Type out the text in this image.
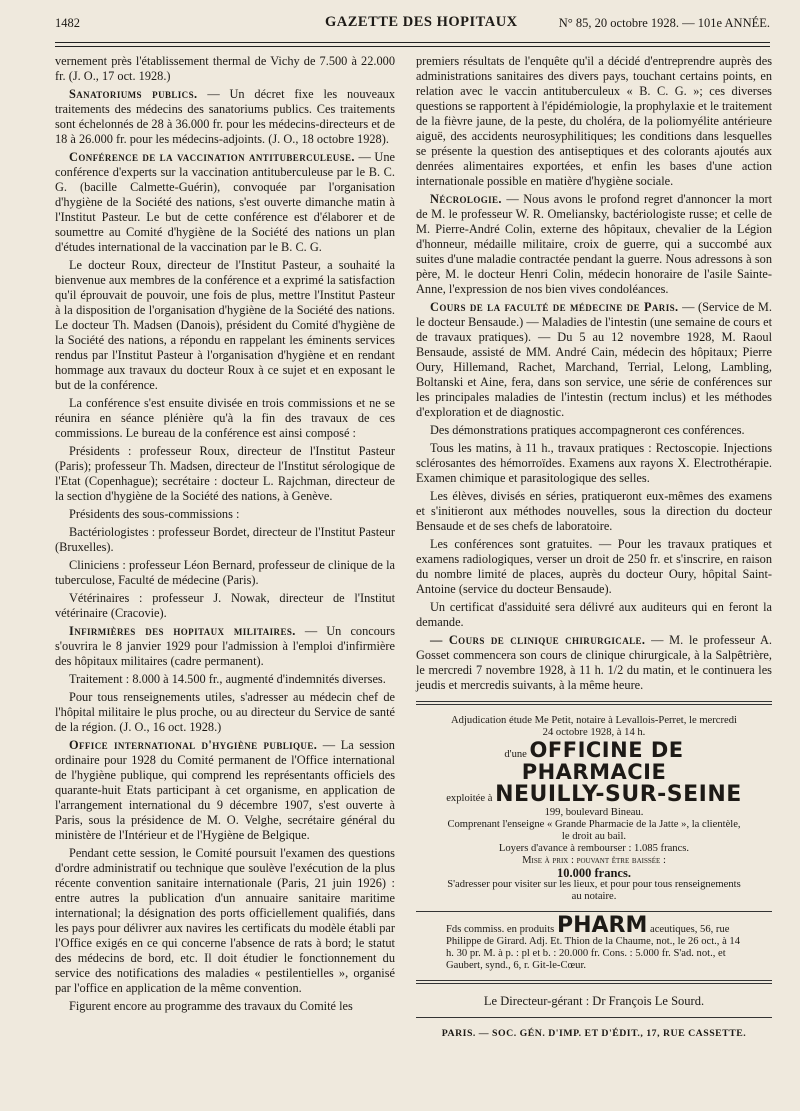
1482	GAZETTE DES HOPITAUX	N° 85, 20 octobre 1928. — 101e ANNÉE.

vernement près l'établissement thermal de Vichy de 7.500 à 22.000 fr. (J. O., 17 oct. 1928.)

Sanatoriums publics. — Un décret fixe les nouveaux traitements des médecins des sanatoriums publics. Ces traitements sont échelonnés de 28 à 36.000 fr. pour les médecins-directeurs et de 18 à 26.000 fr. pour les médecins-adjoints. (J. O., 18 octobre 1928).

Conférence de la vaccination antituberculeuse. — Une conférence d'experts sur la vaccination antituberculeuse par le B. C. G. (bacille Calmette-Guérin), convoquée par l'organisation d'hygiène de la Société des nations, s'est ouverte dimanche matin à l'Institut Pasteur. Le but de cette conférence est d'élaborer et de soumettre au Comité d'hygiène de la Société des nations un plan d'études international de la vaccination par le B. C. G.

Le docteur Roux, directeur de l'Institut Pasteur, a souhaité la bienvenue aux membres de la conférence et a exprimé la satisfaction qu'il éprouvait de pouvoir, une fois de plus, mettre l'Institut Pasteur à la disposition de l'organisation d'hygiène de la Société des nations. Le docteur Th. Madsen (Danois), président du Comité d'hygiène de la Société des nations, a répondu en rappelant les éminents services rendus par l'Institut Pasteur à l'organisation d'hygiène et en rendant hommage aux travaux du docteur Roux à ce sujet et en exposant le but de la conférence.

La conférence s'est ensuite divisée en trois commissions et ne se réunira en séance plénière qu'à la fin des travaux de ces commissions. Le bureau de la conférence est ainsi composé :

Présidents : professeur Roux, directeur de l'Institut Pasteur (Paris); professeur Th. Madsen, directeur de l'Institut sérologique de l'Etat (Copenhague); secrétaire : docteur L. Rajchman, directeur de la section d'hygiène de la Société des nations, à Genève.

Présidents des sous-commissions :

Bactériologistes : professeur Bordet, directeur de l'Institut Pasteur (Bruxelles).

Cliniciens : professeur Léon Bernard, professeur de clinique de la tuberculose, Faculté de médecine (Paris).

Vétérinaires : professeur J. Nowak, directeur de l'Institut vétérinaire (Cracovie).

Infirmières des hopitaux militaires. — Un concours s'ouvrira le 8 janvier 1929 pour l'admission à l'emploi d'infirmière des hôpitaux militaires (cadre permanent).

Traitement : 8.000 à 14.500 fr., augmenté d'indemnités diverses.

Pour tous renseignements utiles, s'adresser au médecin chef de l'hôpital militaire le plus proche, ou au directeur du Service de santé de la région. (J. O., 16 oct. 1928.)

Office international d'hygiène publique. — La session ordinaire pour 1928 du Comité permanent de l'Office international de l'hygiène publique, qui comprend les représentants officiels des quarante-huit Etats participant à cet organisme, en application de l'arrangement international du 9 décembre 1907, s'est ouverte à Paris, sous la présidence de M. O. Velghe, secrétaire général du ministère de l'Intérieur et de l'Hygiène de Belgique.

Pendant cette session, le Comité poursuit l'examen des questions d'ordre administratif ou technique que soulève l'exécution de la plus récente convention sanitaire internationale (Paris, 21 juin 1926) : entre autres la publication d'un annuaire sanitaire maritime international; la désignation des ports officiellement qualifiés, dans les pays pour délivrer aux navires les certificats du modèle établi par l'Office exigés en ce qui concerne l'absence de rats à bord; le statut des médecins de bord, etc. Il doit étudier le fonctionnement du service des notifications des maladies « pestilentielles », organisé par l'office en application de la même convention.

Figurent encore au programme des travaux du Comité les

premiers résultats de l'enquête qu'il a décidé d'entreprendre auprès des administrations sanitaires des divers pays, touchant certains points, en relation avec le vaccin antituberculeux « B. C. G. »; ces diverses questions se rapportent à l'épidémiologie, la prophylaxie et le traitement de la fièvre jaune, de la peste, du choléra, de la poliomyélite antérieure aiguë, des accidents neurosyphilitiques; les conditions dans lesquelles se présente la question des antiseptiques et des colorants ajoutés aux denrées alimentaires exportées, et enfin les bases d'une action internationale possible en matière d'hygiène sociale.

Nécrologie. — Nous avons le profond regret d'annoncer la mort de M. le professeur W. R. Omeliansky, bactériologiste russe; et celle de M. Pierre-André Colin, externe des hôpitaux, chevalier de la Légion d'honneur, médaille militaire, croix de guerre, qui a succombé aux suites d'une maladie contractée pendant la guerre. Nous adressons à son père, M. le docteur Henri Colin, médecin honoraire de l'asile Sainte-Anne, l'expression de nos bien vives condoléances.

Cours de la faculté de médecine de Paris. — (Service de M. le docteur Bensaude.) — Maladies de l'intestin (une semaine de cours et de travaux pratiques). — Du 5 au 12 novembre 1928, M. Raoul Bensaude, assisté de MM. André Cain, médecin des hôpitaux; Pierre Oury, Hillemand, Rachet, Marchand, Terrial, Lelong, Lambling, Boltanski et Aine, fera, dans son service, une série de conférences sur les principales maladies de l'intestin (rectum inclus) et les méthodes d'exploration et de diagnostic.

Des démonstrations pratiques accompagneront ces conférences.

Tous les matins, à 11 h., travaux pratiques : Rectoscopie. Injections sclérosantes des hémorroïdes. Examens aux rayons X. Electrothérapie. Examen chimique et parasitologique des selles.

Les élèves, divisés en séries, pratiqueront eux-mêmes des examens et s'initieront aux méthodes nouvelles, sous la direction du docteur Bensaude et de ses chefs de laboratoire.

Les conférences sont gratuites. — Pour les travaux pratiques et examens radiologiques, verser un droit de 250 fr. et s'inscrire, en raison du nombre limité de places, auprès du docteur Oury, hôpital Saint-Antoine (service du docteur Bensaude).

Un certificat d'assiduité sera délivré aux auditeurs qui en feront la demande.

— Cours de clinique chirurgicale. — M. le professeur A. Gosset commencera son cours de clinique chirurgicale, à la Salpêtrière, le mercredi 7 novembre 1928, à 11 h. 1/2 du matin, et le continuera les jeudis et mercredis suivants, à la même heure.

Adjudication étude Me Petit, notaire à Levallois-Perret, le mercredi 24 octobre 1928, à 14 h.
d'une OFFICINE DE PHARMACIE
exploitée à NEUILLY-SUR-SEINE
199, boulevard Bineau.
Comprenant l'enseigne « Grande Pharmacie de la Jatte », la clientèle, le droit au bail.
Loyers d'avance à rembourser : 1.085 francs.
Mise à prix : pouvant être baissée :
10.000 francs.
S'adresser pour visiter sur les lieux, et pour pour tous renseignements au notaire.
Fds commiss. en produits PHARM aceutiques, 56, rue Philippe de Girard. Adj. Et. Thion de la Chaume, not., le 26 oct., à 14 h. 30 pr. M. à p. : pl et b. : 20.000 fr. Cons. : 5.000 fr. S'ad. not., et Gaubert, synd., 6, r. Git-le-Cœur.
Le Directeur-gérant : Dr François Le Sourd.
PARIS. — SOC. GÉN. D'IMP. ET D'ÉDIT., 17, RUE CASSETTE.
